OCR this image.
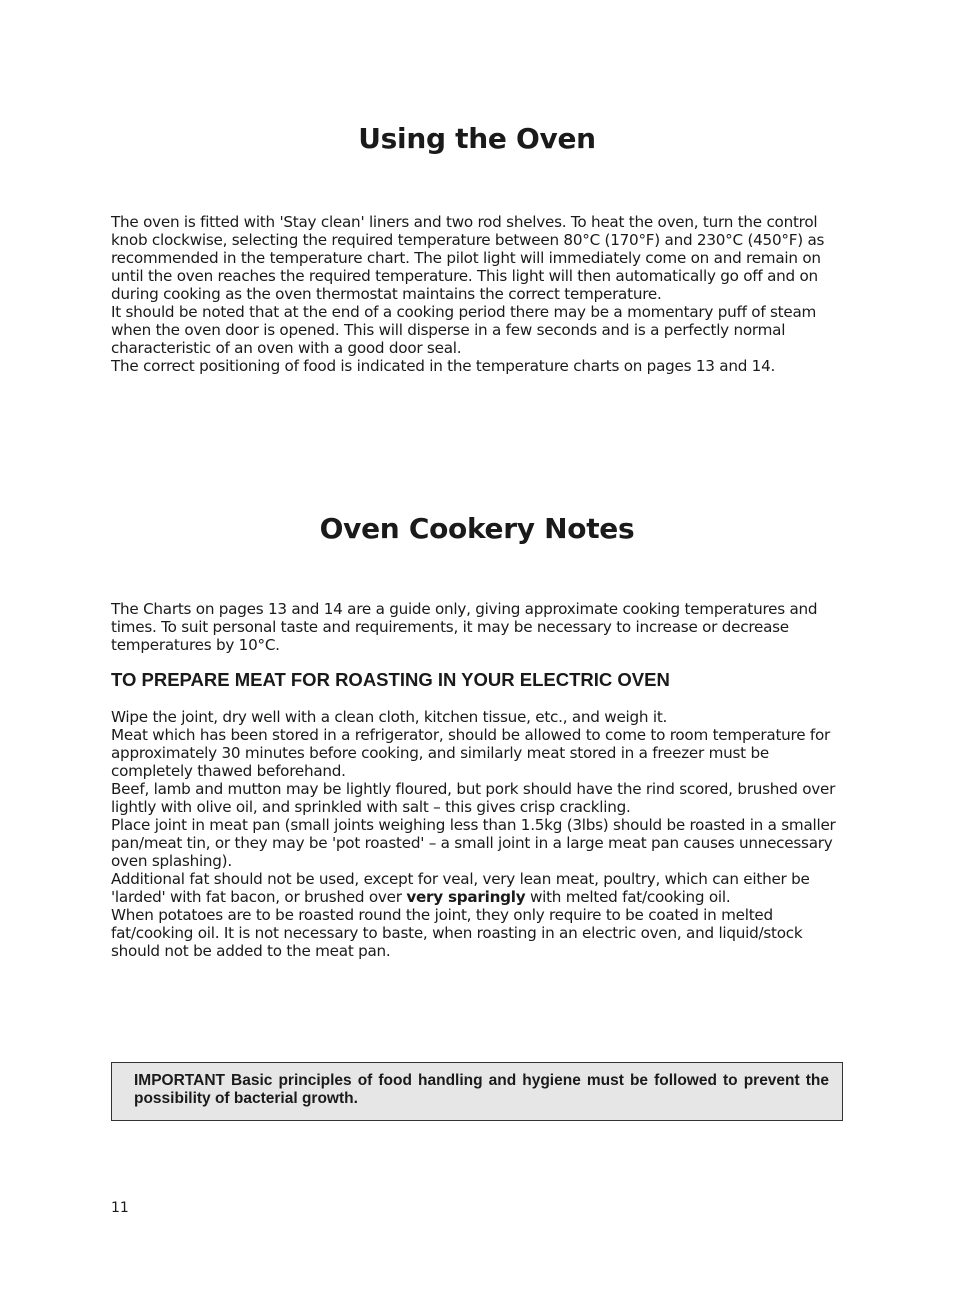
Using the Oven

The oven is fitted with 'Stay clean' liners and two rod shelves. To heat the oven, turn the control knob clockwise, selecting the required temperature between 80°C (170°F) and 230°C (450°F) as recommended in the temperature chart. The pilot light will immediately come on and remain on until the oven reaches the required temperature. This light will then automatically go off and on during cooking as the oven thermostat maintains the correct temperature.

It should be noted that at the end of a cooking period there may be a momentary puff of steam when the oven door is opened. This will disperse in a few seconds and is a perfectly normal characteristic of an oven with a good door seal.

The correct positioning of food is indicated in the temperature charts on pages 13 and 14.

Oven Cookery Notes

The Charts on pages 13 and 14 are a guide only, giving approximate cooking temperatures and times. To suit personal taste and requirements, it may be necessary to increase or decrease temperatures by 10°C.

TO PREPARE MEAT FOR ROASTING IN YOUR ELECTRIC OVEN

Wipe the joint, dry well with a clean cloth, kitchen tissue, etc., and weigh it.

Meat which has been stored in a refrigerator, should be allowed to come to room temperature for approximately 30 minutes before cooking, and similarly meat stored in a freezer must be completely thawed beforehand.

Beef, lamb and mutton may be lightly floured, but pork should have the rind scored, brushed over lightly with olive oil, and sprinkled with salt – this gives crisp crackling.

Place joint in meat pan (small joints weighing less than 1.5kg (3lbs) should be roasted in a smaller pan/meat tin, or they may be 'pot roasted' – a small joint in a large meat pan causes unnecessary oven splashing).

Additional fat should not be used, except for veal, very lean meat, poultry, which can either be 'larded' with fat bacon, or brushed over very sparingly with melted fat/cooking oil.

When potatoes are to be roasted round the joint, they only require to be coated in melted fat/cooking oil. It is not necessary to baste, when roasting in an electric oven, and liquid/stock should not be added to the meat pan.

IMPORTANT Basic principles of food handling and hygiene must be followed to prevent the possibility of bacterial growth.
11
